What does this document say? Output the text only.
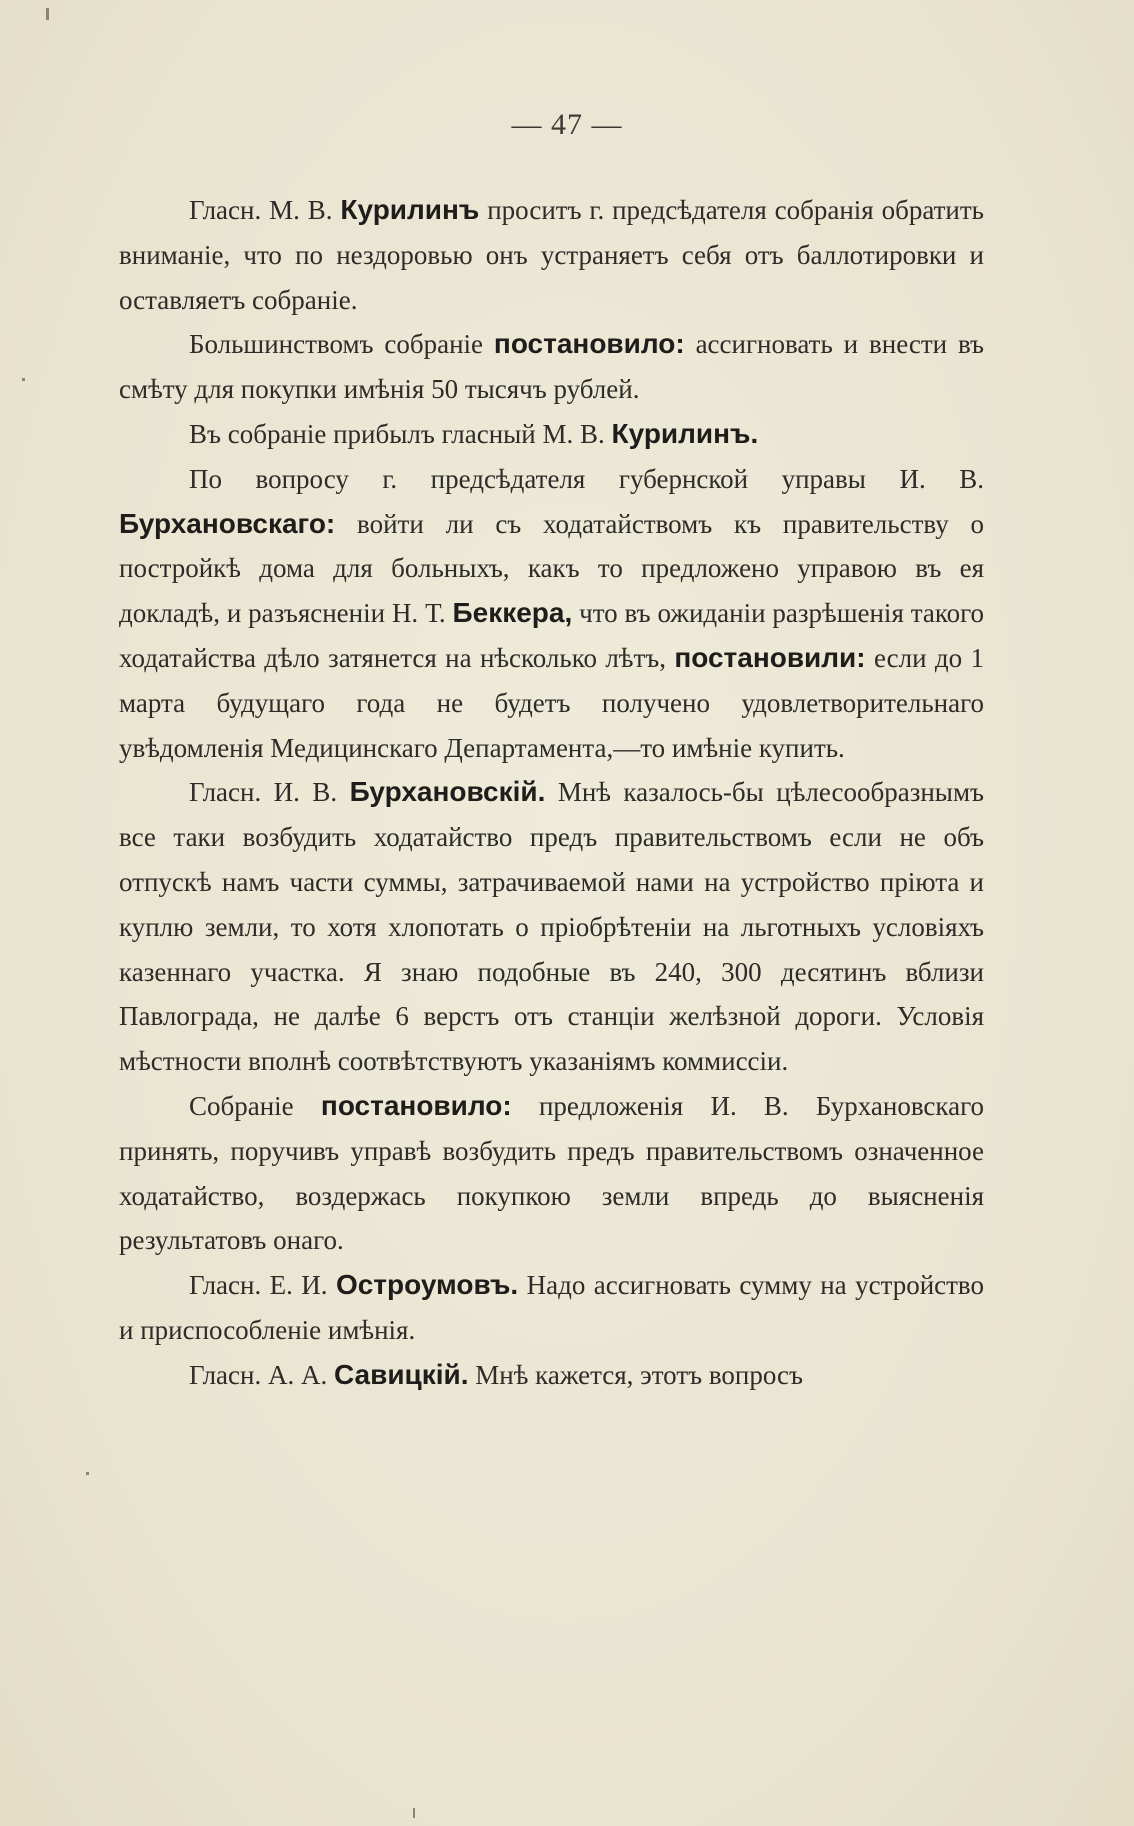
— 47 —

Гласн. М. В. Курилинъ проситъ г. предсѣдателя собранія обратить вниманіе, что по нездоровью онъ устраняетъ себя отъ баллотировки и оставляетъ собраніе.

Большинствомъ собраніе постановило: ассигновать и внести въ смѣту для покупки имѣнія 50 тысячъ рублей.

Въ собраніе прибылъ гласный М. В. Курилинъ.

По вопросу г. предсѣдателя губернской управы И. В. Бурхановскаго: войти ли съ ходатайствомъ къ правительству о постройкѣ дома для больныхъ, какъ то предложено управою въ ея докладѣ, и разъясненіи Н. Т. Беккера, что въ ожиданіи разрѣшенія такого ходатайства дѣло затянется на нѣсколько лѣтъ, постановили: если до 1 марта будущаго года не будетъ получено удовлетворительнаго увѣдомленія Медицинскаго Департамента,—то имѣніе купить.

Гласн. И. В. Бурхановскій. Мнѣ казалось-бы цѣлесообразнымъ все таки возбудить ходатайство предъ правительствомъ если не объ отпускѣ намъ части суммы, затрачиваемой нами на устройство пріюта и куплю земли, то хотя хлопотать о пріобрѣтеніи на льготныхъ условіяхъ казеннаго участка. Я знаю подобные въ 240, 300 десятинъ вблизи Павлограда, не далѣе 6 верстъ отъ станціи желѣзной дороги. Условія мѣстности вполнѣ соотвѣтствуютъ указаніямъ коммиссіи.

Собраніе постановило: предложенія И. В. Бурхановскаго принять, поручивъ управѣ возбудить предъ правительствомъ означенное ходатайство, воздержась покупкою земли впредь до выясненія результатовъ онаго.

Гласн. Е. И. Остроумовъ. Надо ассигновать сумму на устройство и приспособленіе имѣнія.

Гласн. А. А. Савицкій. Мнѣ кажется, этотъ вопросъ
